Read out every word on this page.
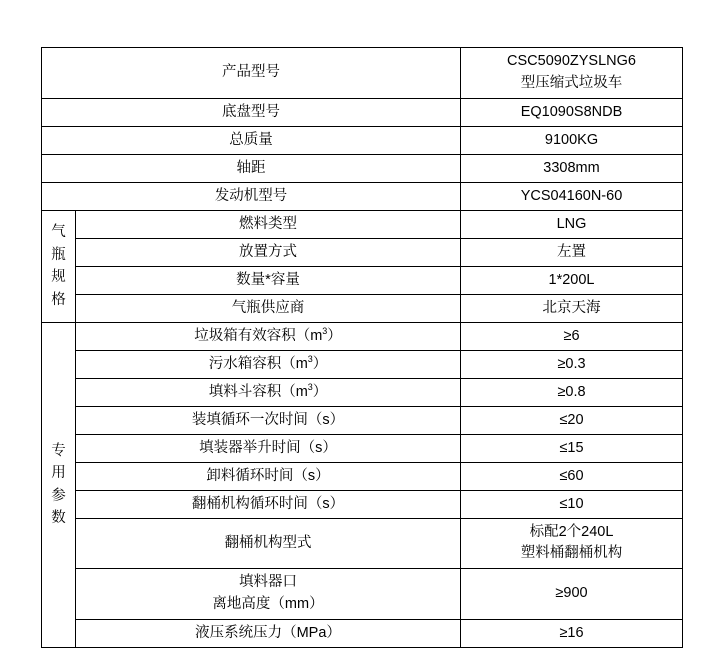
产品型号		CSC5090ZYSLNG6
型压缩式垃圾车

底盘型号		EQ1090S8NDB
总质量		9100KG
轴距		3308mm
发动机型号		YCS04160N-60

气
瓶
规
格	燃料类型	LNG
	放置方式	左置
	数量*容量	1*200L
	气瓶供应商	北京天海

专
用
参
数	垃圾箱有效容积$(m^3)$	≥6
	污水箱容积$(m^3)$	≥0.3
	填料斗容积$(m^3)$	≥0.8
	装填循环一次时间（s）	≤20
	填装器举升时间（s）	≤15
	卸料循环时间（s）	≤60
	翻桶机构循环时间（s）	≤10
	翻桶机构型式	标配2个240L
塑料桶翻桶机构

	填料器口
离地高度（mm）	≥900
	液压系统压力（MPa）	≥16
